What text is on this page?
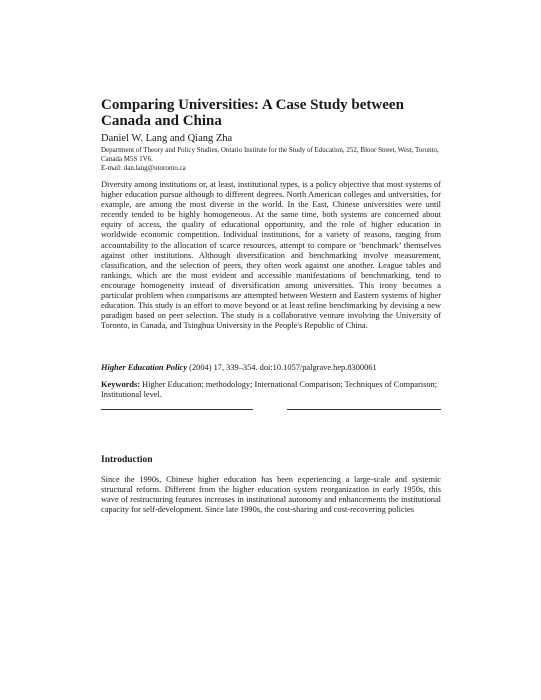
Comparing Universities: A Case Study between Canada and China
Daniel W. Lang and Qiang Zha
Department of Theory and Policy Studies, Ontario Institute for the Study of Education, 252, Bloor Street, West, Toronto, Canada M5S 1V6.
E-mail: dan.lang@utoronto.ca

Diversity among institutions or, at least, institutional types, is a policy objective that most systems of higher education pursue although to different degrees. North American colleges and universities, for example, are among the most diverse in the world. In the East, Chinese universities were until recently tended to be highly homogeneous. At the same time, both systems are concerned about equity of access, the quality of educational opportunity, and the role of higher education in worldwide economic competition. Individual institutions, for a variety of reasons, ranging from accountability to the allocation of scarce resources, attempt to compare or ‘benchmark’ themselves against other institutions. Although diversification and benchmarking involve measurement, classification, and the selection of peers, they often work against one another. League tables and rankings, which are the most evident and accessible manifestations of benchmarking, tend to encourage homogeneity instead of diversification among universities. This irony becomes a particular problem when comparisons are attempted between Western and Eastern systems of higher education. This study is an effort to move beyond or at least refine benchmarking by devising a new paradigm based on peer selection. The study is a collaborative venture involving the University of Toronto, in Canada, and Tsinghua University in the People's Republic of China.

Higher Education Policy (2004) 17, 339–354. doi:10.1057/palgrave.hep.8300061

Keywords: Higher Education; methodology; International Comparison; Techniques of Comparison; Institutional level.

Introduction

Since the 1990s, Chinese higher education has been experiencing a large-scale and systemic structural reform. Different from the higher education system reorganization in early 1950s, this wave of restructuring features increases in institutional autonomy and enhancements the institutional capacity for self-development. Since late 1990s, the cost-sharing and cost-recovering policies
